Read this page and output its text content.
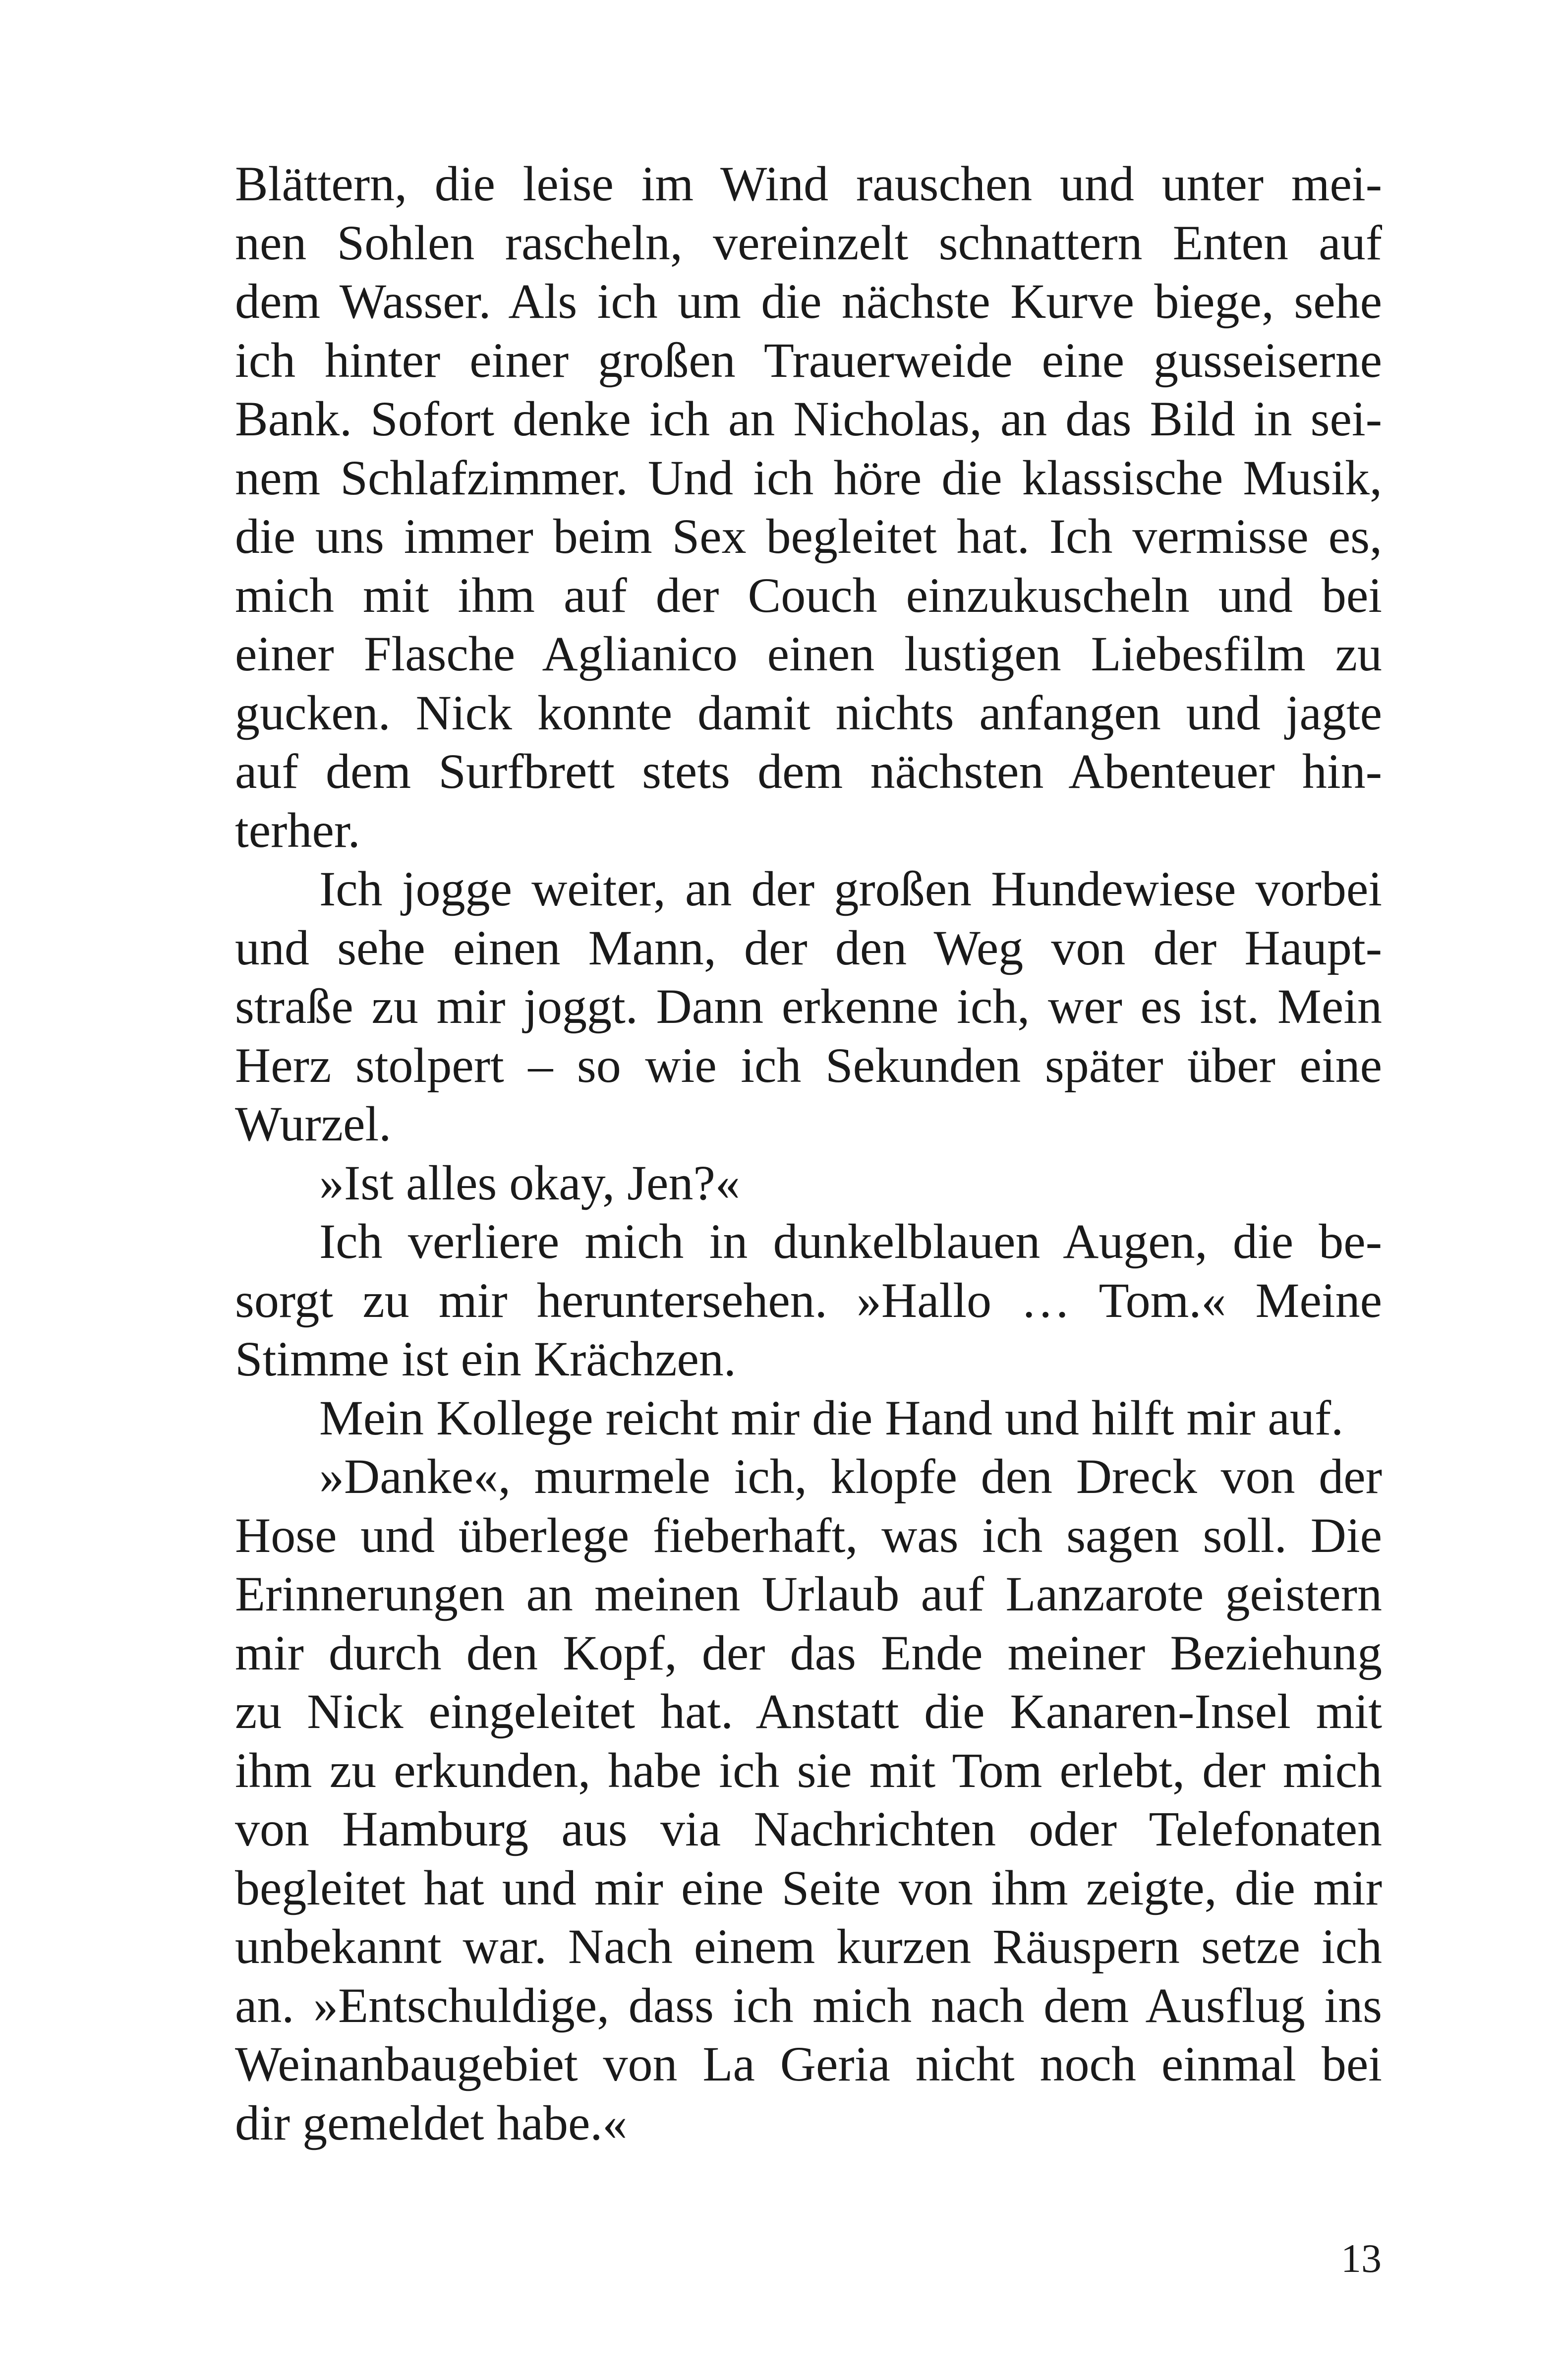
Blättern, die leise im Wind rauschen und unter mei-
nen Sohlen rascheln, vereinzelt schnattern Enten auf
dem Wasser. Als ich um die nächste Kurve biege, sehe
ich hinter einer großen Trauerweide eine gusseiserne
Bank. Sofort denke ich an Nicholas, an das Bild in sei-
nem Schlafzimmer. Und ich höre die klassische Musik,
die uns immer beim Sex begleitet hat. Ich vermisse es,
mich mit ihm auf der Couch einzukuscheln und bei
einer Flasche Aglianico einen lustigen Liebesfilm zu
gucken. Nick konnte damit nichts anfangen und jagte
auf dem Surfbrett stets dem nächsten Abenteuer hin-
terher.
Ich jogge weiter, an der großen Hundewiese vorbei
und sehe einen Mann, der den Weg von der Haupt-
straße zu mir joggt. Dann erkenne ich, wer es ist. Mein
Herz stolpert – so wie ich Sekunden später über eine
Wurzel.
»Ist alles okay, Jen?«
Ich verliere mich in dunkelblauen Augen, die be-
sorgt zu mir heruntersehen. »Hallo … Tom.« Meine
Stimme ist ein Krächzen.
Mein Kollege reicht mir die Hand und hilft mir auf.
»Danke«, murmele ich, klopfe den Dreck von der
Hose und überlege fieberhaft, was ich sagen soll. Die
Erinnerungen an meinen Urlaub auf Lanzarote geistern
mir durch den Kopf, der das Ende meiner Beziehung
zu Nick eingeleitet hat. Anstatt die Kanaren-Insel mit
ihm zu erkunden, habe ich sie mit Tom erlebt, der mich
von Hamburg aus via Nachrichten oder Telefonaten
begleitet hat und mir eine Seite von ihm zeigte, die mir
unbekannt war. Nach einem kurzen Räuspern setze ich
an. »Entschuldige, dass ich mich nach dem Ausflug ins
Weinanbaugebiet von La Geria nicht noch einmal bei
dir gemeldet habe.«
13
